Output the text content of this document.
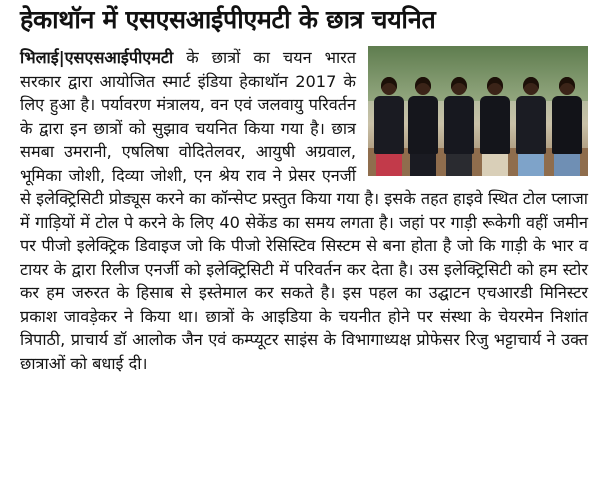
हेकाथॉन में एसएसआईपीएमटी के छात्र चयनित

भिलाई|एसएसआईपीएमटी के छात्रों का चयन भारत सरकार द्वारा आयोजित स्मार्ट इंडिया हेकाथॉन 2017 के लिए हुआ है। पर्यावरण मंत्रालय, वन एवं जलवायु परिवर्तन के द्वारा इन छात्रों को सुझाव चयनित किया गया है। छात्र समबा उमरानी, एषलिषा वोदितेलवर, आयुषी अग्रवाल, भूमिका जोशी, दिव्या जोशी, एन श्रेय राव ने प्रेसर एनर्जी से इलेक्ट्रिसिटी प्रोड्यूस करने का कॉन्सेप्ट प्रस्तुत किया गया है। इसके तहत हाइवे स्थित टोल प्लाजा में गाड़ियों में टोल पे करने के लिए 40 सेकेंड का समय लगता है। जहां पर गाड़ी रूकेगी वहीं जमीन पर पीजो इलेक्ट्रिक डिवाइज जो कि पीजो रेसिस्टिव सिस्टम से बना होता है जो कि गाड़ी के भार व टायर के द्वारा रिलीज एनर्जी को इलेक्ट्रिसिटी में परिवर्तन कर देता है। उस इलेक्ट्रिसिटी को हम स्टोर कर हम जरुरत के हिसाब से इस्तेमाल कर सकते है। इस पहल का उद्घाटन एचआरडी मिनिस्टर प्रकाश जावड़ेकर ने किया था। छात्रों के आइडिया के चयनीत होने पर संस्था के चेयरमेन निशांत त्रिपाठी, प्राचार्य डॉ आलोक जैन एवं कम्प्यूटर साइंस के विभागाध्यक्ष प्रोफेसर रिजु भट्टाचार्य ने उक्त छात्राओं को बधाई दी।
